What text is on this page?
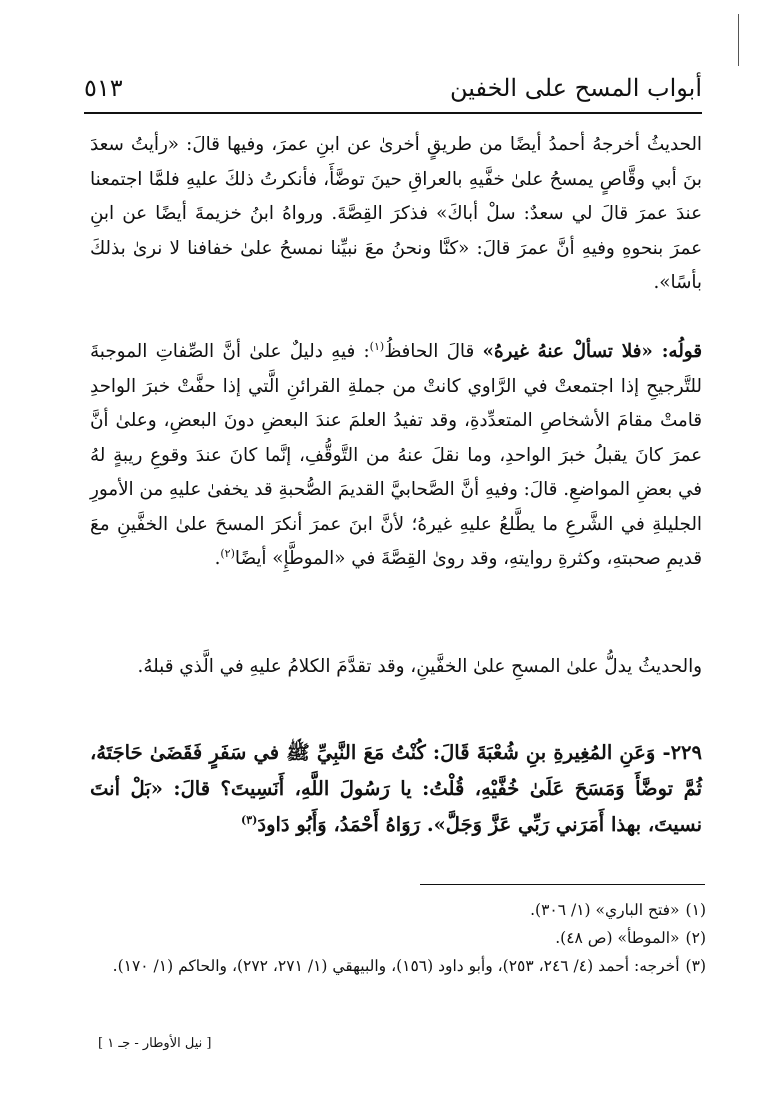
أبواب المسح على الخفين
٥١٣

الحديثُ أخرجهُ أحمدُ أيضًا من طريقٍ أخرىٰ عن ابنِ عمرَ، وفيها قالَ: «رأيتُ سعدَ بنَ أبي وقَّاصٍ يمسحُ علىٰ خفَّيهِ بالعراقِ حينَ توضَّأَ، فأنكرتُ ذلكَ عليهِ فلمَّا اجتمعنا عندَ عمرَ قالَ لي سعدٌ: سلْ أباكَ» فذكرَ القِصَّةَ. ورواهُ ابنُ خزيمةَ أيضًا عن ابنِ عمرَ بنحوهِ وفيهِ أنَّ عمرَ قالَ: «كنَّا ونحنُ معَ نبيِّنا نمسحُ علىٰ خفافنا لا نرىٰ بذلكَ بأسًا».

قولُه: «فلا تسألْ عنهُ غيرهُ» قالَ الحافظُ$^{(١)}$: فيهِ دليلٌ علىٰ أنَّ الصِّفاتِ الموجبةَ للتَّرجيحِ إذا اجتمعتْ في الرَّاوي كانتْ من جملةِ القرائنِ الَّتي إذا حفَّتْ خبرَ الواحدِ قامتْ مقامَ الأشخاصِ المتعدِّدةِ، وقد تفيدُ العلمَ عندَ البعضِ دونَ البعضِ، وعلىٰ أنَّ عمرَ كانَ يقبلُ خبرَ الواحدِ، وما نقلَ عنهُ من التَّوقُّفِ، إنَّما كانَ عندَ وقوعِ ريبةٍ لهُ في بعضِ المواضعِ. قالَ: وفيهِ أنَّ الصَّحابيَّ القديمَ الصُّحبةِ قد يخفىٰ عليهِ من الأمورِ الجليلةِ في الشَّرعِ ما يطَّلعُ عليهِ غيرهُ؛ لأنَّ ابنَ عمرَ أنكرَ المسحَ علىٰ الخفَّينِ معَ قديمِ صحبتهِ، وكثرةِ روايتهِ، وقد روىٰ القِصَّةَ في «الموطَّإِ» أيضًا$^{(٢)}$.

والحديثُ يدلُّ علىٰ المسحِ علىٰ الخفَّينِ، وقد تقدَّمَ الكلامُ عليهِ في الَّذي قبلهُ.

٢٢٩- وَعَنِ المُغِيرةِ بنِ شُعْبَةَ قَالَ: كُنْتُ مَعَ النَّبِيِّ ﷺ في سَفَرٍ فَقَضَىٰ حَاجَتَهُ، ثُمَّ توضَّأَ وَمَسَحَ عَلَىٰ خُفَّيْهِ، قُلْتُ: يا رَسُولَ اللَّهِ، أَنَسِيتَ؟ قالَ: «بَلْ أنتَ نسيتَ، بهذا أَمَرَني رَبِّي عَزَّ وَجَلَّ». رَوَاهُ أَحْمَدُ، وَأَبُو دَاودَ$^{(٣)}$

(١)«فتح الباري» (١/ ٣٠٦).
(٢)«الموطأ» (ص ٤٨).
(٣)أخرجه: أحمد (٤/ ٢٤٦، ٢٥٣)، وأبو داود (١٥٦)، والبيهقي (١/ ٢٧١، ٢٧٢)، والحاكم (١/ ١٧٠).
[ نيل الأوطار - جـ ١ ]
